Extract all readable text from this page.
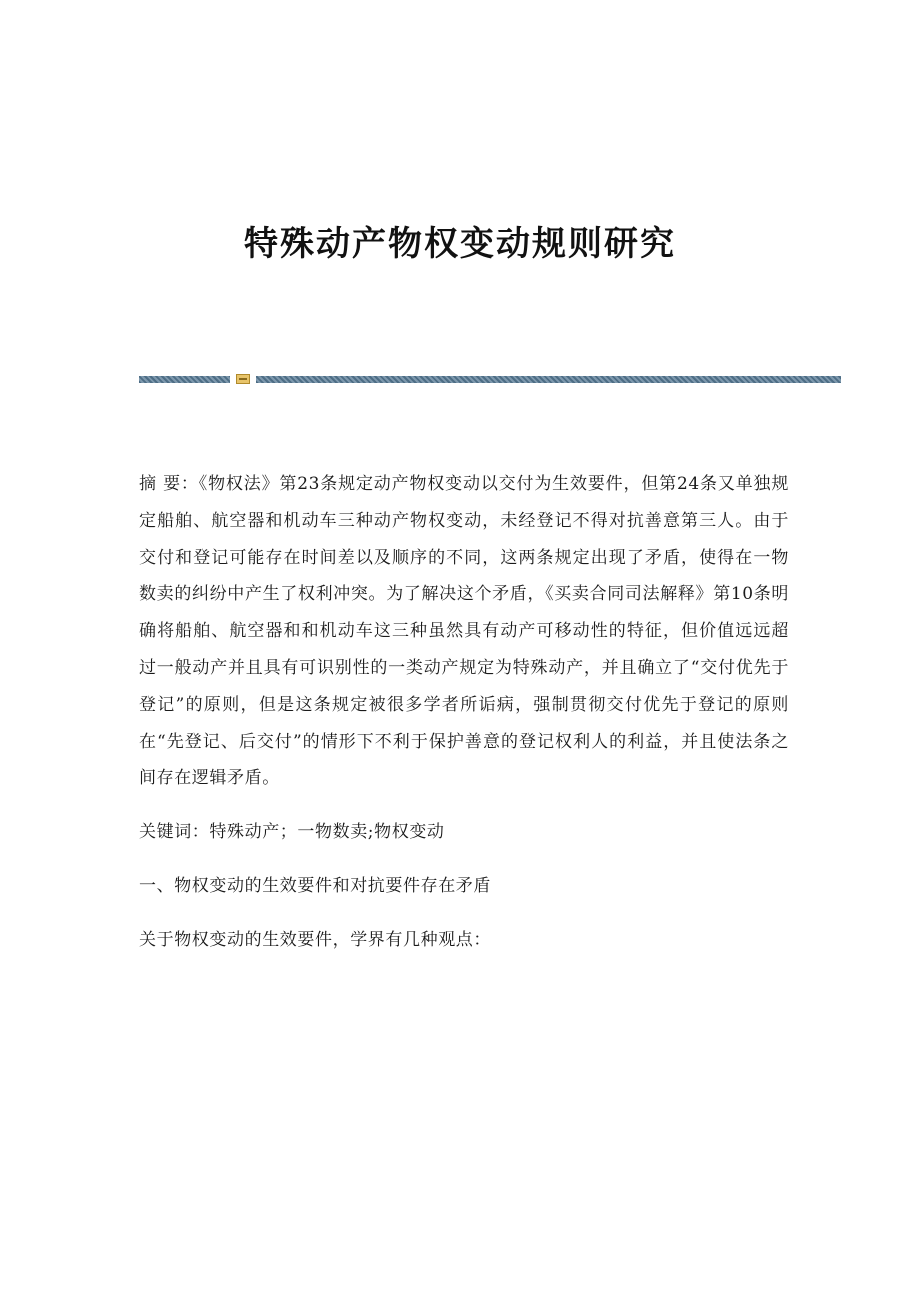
特殊动产物权变动规则研究

摘 要：《物权法》第23条规定动产物权变动以交付为生效要件，但第24条又单独规定船舶、航空器和机动车三种动产物权变动，未经登记不得对抗善意第三人。由于交付和登记可能存在时间差以及顺序的不同，这两条规定出现了矛盾，使得在一物数卖的纠纷中产生了权利冲突。为了解决这个矛盾，《买卖合同司法解释》第10条明确将船舶、航空器和和机动车这三种虽然具有动产可移动性的特征，但价值远远超过一般动产并且具有可识别性的一类动产规定为特殊动产，并且确立了“交付优先于登记”的原则，但是这条规定被很多学者所诟病，强制贯彻交付优先于登记的原则在“先登记、后交付”的情形下不利于保护善意的登记权利人的利益，并且使法条之间存在逻辑矛盾。

关键词：特殊动产；一物数卖;物权变动

一、物权变动的生效要件和对抗要件存在矛盾

关于物权变动的生效要件，学界有几种观点：
